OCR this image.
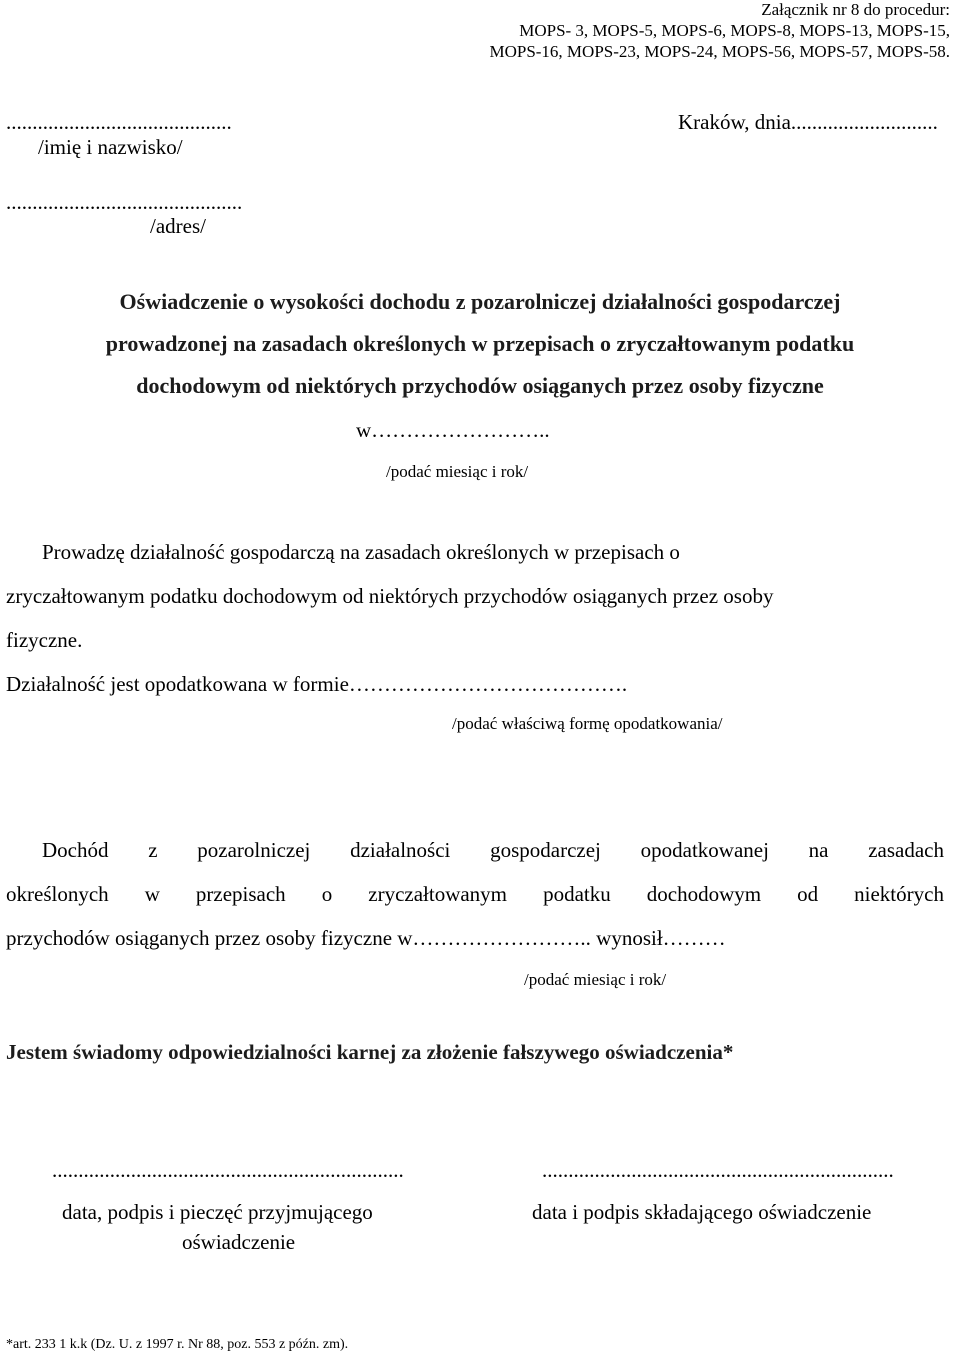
Załącznik nr 8 do procedur:
MOPS- 3, MOPS-5, MOPS-6, MOPS-8, MOPS-13, MOPS-15,
MOPS-16, MOPS-23, MOPS-24, MOPS-56, MOPS-57, MOPS-58.
...........................................	Kraków, dnia............................
/imię i nazwisko/
.............................................
/adres/
Oświadczenie o wysokości dochodu z pozarolniczej działalności gospodarczej
prowadzonej na zasadach określonych w przepisach o zryczałtowanym podatku
dochodowym od niektórych przychodów osiąganych przez osoby fizyczne
w……………………..
/podać miesiąc i rok/
Prowadzę działalność gospodarczą na zasadach określonych w przepisach o
zryczałtowanym podatku dochodowym od niektórych przychodów osiąganych przez osoby
fizyczne.
Działalność jest opodatkowana w formie………………………………….
/podać właściwą formę opodatkowania/
Dochód z pozarolniczej działalności gospodarczej opodatkowanej na zasadach
określonych w przepisach o zryczałtowanym podatku dochodowym od niektórych
przychodów osiąganych przez osoby fizyczne w…………………….. wynosił………
/podać miesiąc i rok/
Jestem świadomy odpowiedzialności karnej za złożenie fałszywego oświadczenia*
...................................................................	...................................................................
data, podpis i pieczęć przyjmującego
oświadczenie
data i podpis składającego oświadczenie
*art. 233 1 k.k (Dz. U. z 1997 r. Nr 88, poz. 553 z późn. zm).
